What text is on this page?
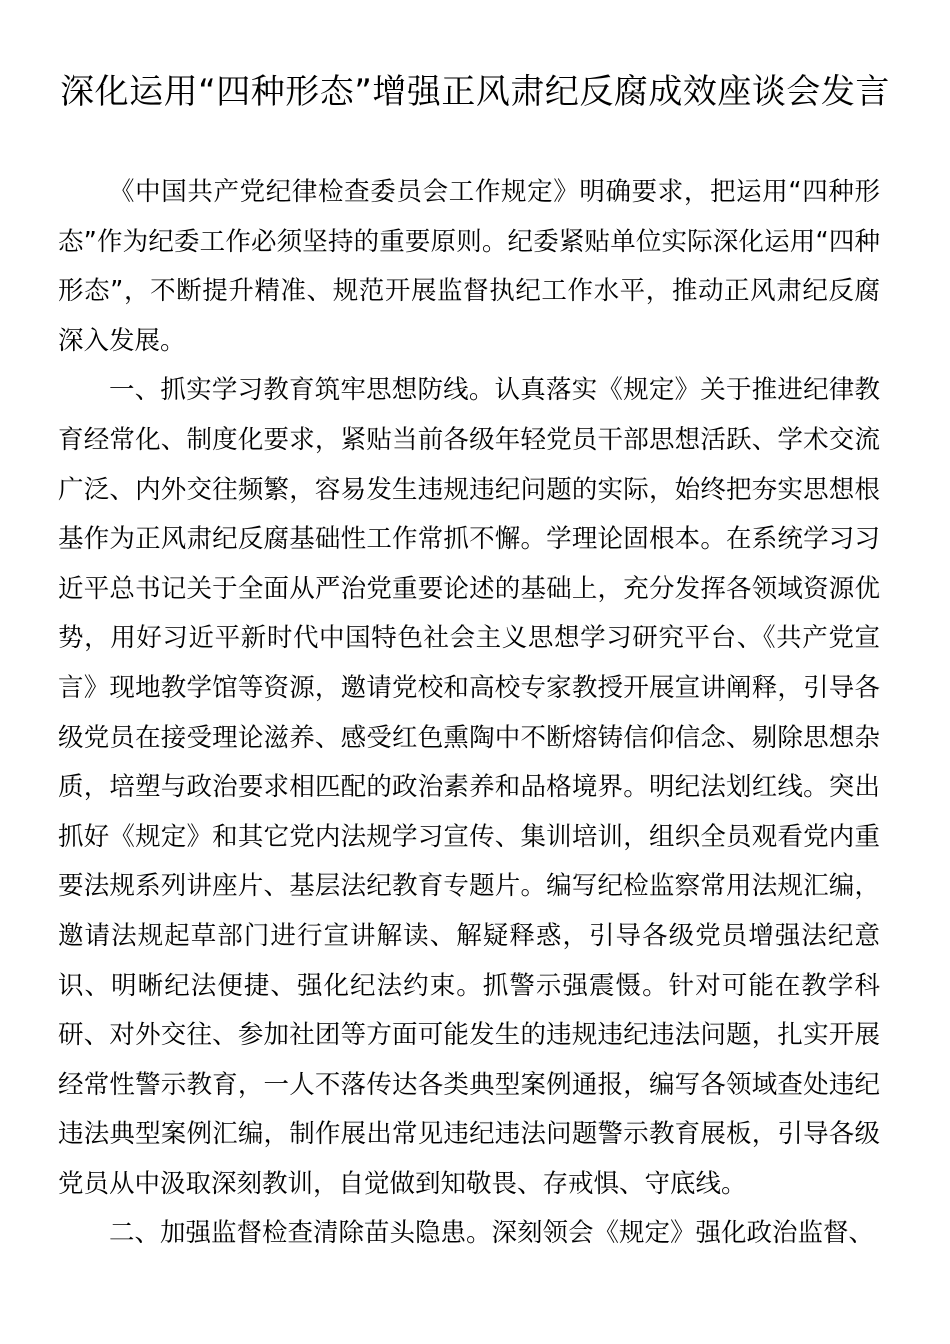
深化运用“四种形态”增强正风肃纪反腐成效座谈会发言

《中国共产党纪律检查委员会工作规定》明确要求，把运用“四种形态”作为纪委工作必须坚持的重要原则。纪委紧贴单位实际深化运用“四种形态”，不断提升精准、规范开展监督执纪工作水平，推动正风肃纪反腐深入发展。

一、抓实学习教育筑牢思想防线。认真落实《规定》关于推进纪律教育经常化、制度化要求，紧贴当前各级年轻党员干部思想活跃、学术交流广泛、内外交往频繁，容易发生违规违纪问题的实际，始终把夯实思想根基作为正风肃纪反腐基础性工作常抓不懈。学理论固根本。在系统学习习近平总书记关于全面从严治党重要论述的基础上，充分发挥各领域资源优势，用好习近平新时代中国特色社会主义思想学习研究平台、《共产党宣言》现地教学馆等资源，邀请党校和高校专家教授开展宣讲阐释，引导各级党员在接受理论滋养、感受红色熏陶中不断熔铸信仰信念、剔除思想杂质，培塑与政治要求相匹配的政治素养和品格境界。明纪法划红线。突出抓好《规定》和其它党内法规学习宣传、集训培训，组织全员观看党内重要法规系列讲座片、基层法纪教育专题片。编写纪检监察常用法规汇编，邀请法规起草部门进行宣讲解读、解疑释惑，引导各级党员增强法纪意识、明晰纪法便捷、强化纪法约束。抓警示强震慑。针对可能在教学科研、对外交往、参加社团等方面可能发生的违规违纪违法问题，扎实开展经常性警示教育，一人不落传达各类典型案例通报，编写各领域查处违纪违法典型案例汇编，制作展出常见违纪违法问题警示教育展板，引导各级党员从中汲取深刻教训，自觉做到知敬畏、存戒惧、守底线。

二、加强监督检查清除苗头隐患。深刻领会《规定》强化政治监督、
